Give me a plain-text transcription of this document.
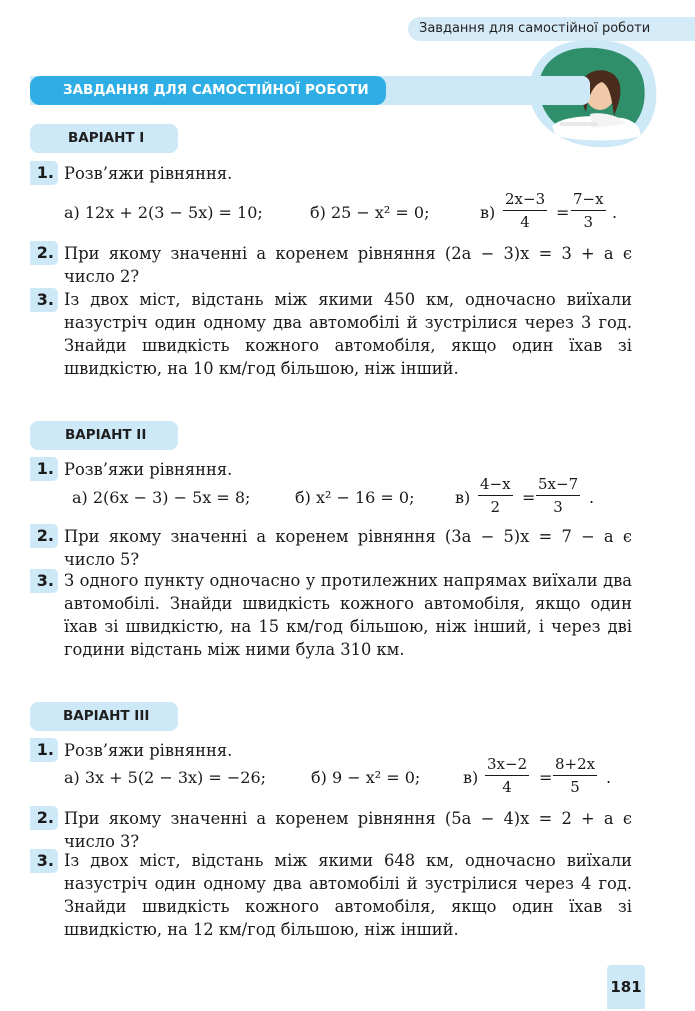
Завдання для самостійної роботи
ЗАВДАННЯ ДЛЯ САМОСТІЙНОЇ РОБОТИ
ВАРІАНТ І
1. Розв’яжи рівняння.
а) 12x + 2(3 − 5x) = 10;	б) 25 − x² = 0;	в)
2x−3
4	=
7−x
3	.
2. При якому значенні a коренем рівняння (2a − 3)x = 3 + a є
число 2?
3. Із двох міст, відстань між якими 450 км, одночасно виїхали назустріч один одному два автомобілі й зустрілися через 3 год. Знайди швидкість кожного автомобіля, якщо один їхав зі швидкістю, на 10 км/год більшою, ніж інший.
ВАРІАНТ ІІ
1. Розв’яжи рівняння.
а) 2(6x − 3) − 5x = 8;	б) x² − 16 = 0;	в)
4−x
2	=
5x−7
3	.
2. При якому значенні a коренем рівняння (3a − 5)x = 7 − a є
число 5?
3. З одного пункту одночасно у протилежних напрямах виїхали два автомобілі. Знайди швидкість кожного автомобіля, якщо один їхав зі швидкістю, на 15 км/год більшою, ніж інший, і через дві години відстань між ними була 310 км.
ВАРІАНТ ІІІ
1. Розв’яжи рівняння.
а) 3x + 5(2 − 3x) = −26;	б) 9 − x² = 0;	в)
3x−2
4	=
8+2x
5	.
2. При якому значенні a коренем рівняння (5a − 4)x = 2 + a є
число 3?
3. Із двох міст, відстань між якими 648 км, одночасно виїхали назустріч один одному два автомобілі й зустрілися через 4 год. Знайди швидкість кожного автомобіля, якщо один їхав зі швидкістю, на 12 км/год більшою, ніж інший.
181
